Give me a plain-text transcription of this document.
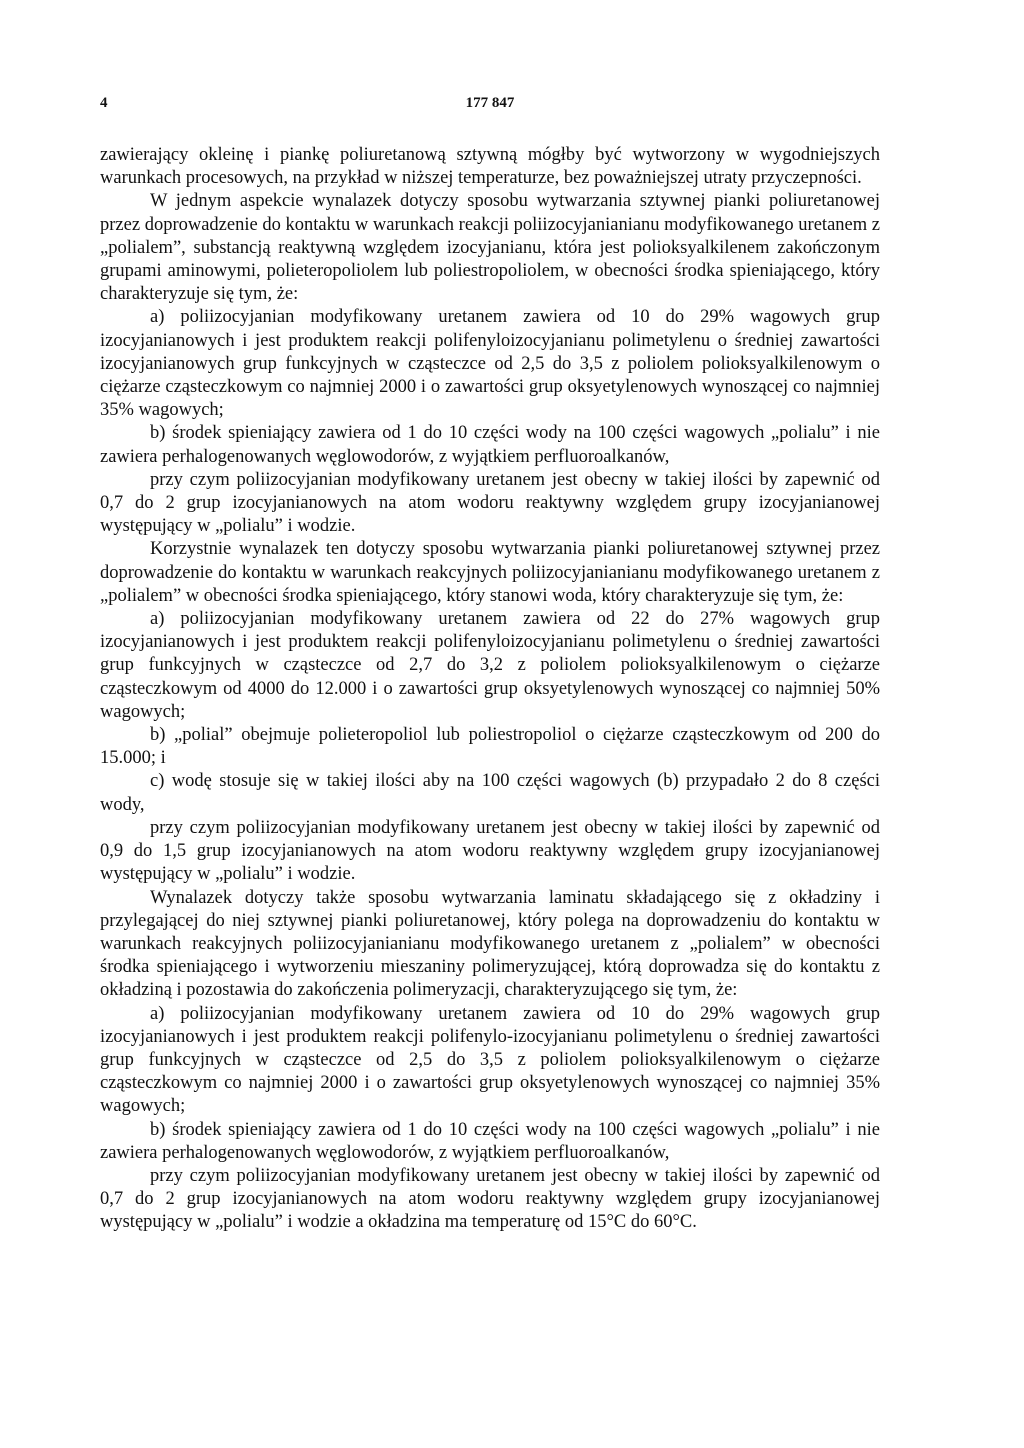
4	177 847

zawierający okleinę i piankę poliuretanową sztywną mógłby być wytworzony w wygodniejszych warunkach procesowych, na przykład w niższej temperaturze, bez poważniejszej utraty przyczepności.

W jednym aspekcie wynalazek dotyczy sposobu wytwarzania sztywnej pianki poliuretanowej przez doprowadzenie do kontaktu w warunkach reakcji poliizocyjanianianu modyfikowanego uretanem z „polialem”, substancją reaktywną względem izocyjanianu, która jest polioksyalkilenem zakończonym grupami aminowymi, polieteropoliolem lub poliestropoliolem, w obecności środka spieniającego, który charakteryzuje się tym, że:

a) poliizocyjanian modyfikowany uretanem zawiera od 10 do 29% wagowych grup izocyjanianowych i jest produktem reakcji polifenyloizocyjanianu polimetylenu o średniej zawartości izocyjanianowych grup funkcyjnych w cząsteczce od 2,5 do 3,5 z poliolem polioksyalkilenowym o ciężarze cząsteczkowym co najmniej 2000 i o zawartości grup oksyetylenowych wynoszącej co najmniej 35% wagowych;

b) środek spieniający zawiera od 1 do 10 części wody na 100 części wagowych „polialu” i nie zawiera perhalogenowanych węglowodorów, z wyjątkiem perfluoroalkanów,

przy czym poliizocyjanian modyfikowany uretanem jest obecny w takiej ilości by zapewnić od 0,7 do 2 grup izocyjanianowych na atom wodoru reaktywny względem grupy izocyjanianowej występujący w „polialu” i wodzie.

Korzystnie wynalazek ten dotyczy sposobu wytwarzania pianki poliuretanowej sztywnej przez doprowadzenie do kontaktu w warunkach reakcyjnych poliizocyjanianianu modyfikowanego uretanem z „polialem” w obecności środka spieniającego, który stanowi woda, który charakteryzuje się tym, że:

a) poliizocyjanian modyfikowany uretanem zawiera od 22 do 27% wagowych grup izocyjanianowych i jest produktem reakcji polifenyloizocyjanianu polimetylenu o średniej zawartości grup funkcyjnych w cząsteczce od 2,7 do 3,2 z poliolem polioksyalkilenowym o ciężarze cząsteczkowym od 4000 do 12.000 i o zawartości grup oksyetylenowych wynoszącej co najmniej 50% wagowych;

b) „polial” obejmuje polieteropoliol lub poliestropoliol o ciężarze cząsteczkowym od 200 do 15.000; i

c) wodę stosuje się w takiej ilości aby na 100 części wagowych (b) przypadało 2 do 8 części wody,

przy czym poliizocyjanian modyfikowany uretanem jest obecny w takiej ilości by zapewnić od 0,9 do 1,5 grup izocyjanianowych na atom wodoru reaktywny względem grupy izocyjanianowej występujący w „polialu” i wodzie.

Wynalazek dotyczy także sposobu wytwarzania laminatu składającego się z okładziny i przylegającej do niej sztywnej pianki poliuretanowej, który polega na doprowadzeniu do kontaktu w warunkach reakcyjnych poliizocyjanianianu modyfikowanego uretanem z „polialem” w obecności środka spieniającego i wytworzeniu mieszaniny polimeryzującej, którą doprowadza się do kontaktu z okładziną i pozostawia do zakończenia polimeryzacji, charakteryzującego się tym, że:

a) poliizocyjanian modyfikowany uretanem zawiera od 10 do 29% wagowych grup izocyjanianowych i jest produktem reakcji polifenylo-izocyjanianu polimetylenu o średniej zawartości grup funkcyjnych w cząsteczce od 2,5 do 3,5 z poliolem polioksyalkilenowym o ciężarze cząsteczkowym co najmniej 2000 i o zawartości grup oksyetylenowych wynoszącej co najmniej 35% wagowych;

b) środek spieniający zawiera od 1 do 10 części wody na 100 części wagowych „polialu” i nie zawiera perhalogenowanych węglowodorów, z wyjątkiem perfluoroalkanów,

przy czym poliizocyjanian modyfikowany uretanem jest obecny w takiej ilości by zapewnić od 0,7 do 2 grup izocyjanianowych na atom wodoru reaktywny względem grupy izocyjanianowej występujący w „polialu” i wodzie a okładzina ma temperaturę od 15°C do 60°C.
